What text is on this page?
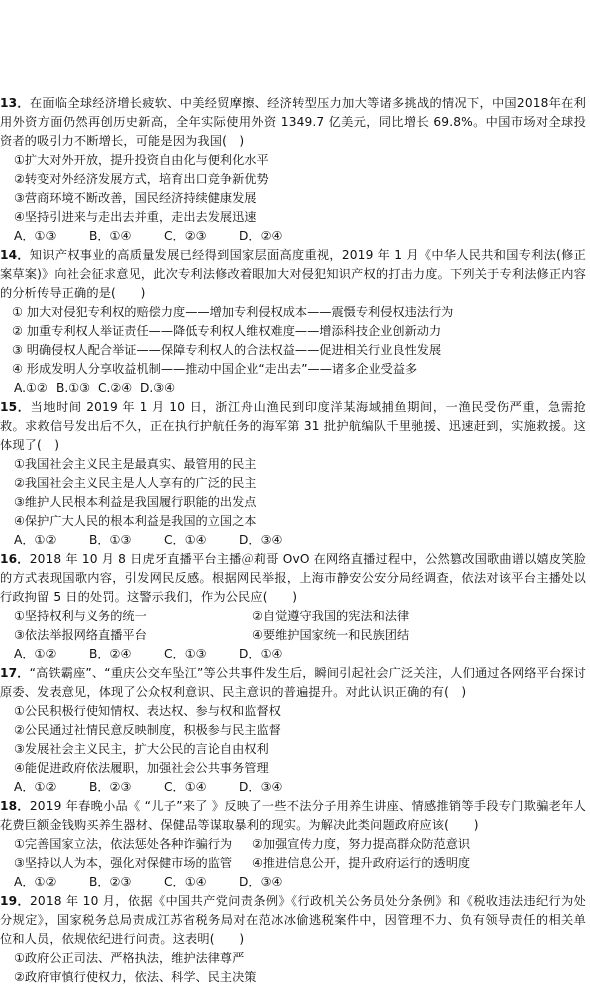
13．在面临全球经济增长疲软、中美经贸摩擦、经济转型压力加大等诸多挑战的情况下，中国2018年在利用外资方面仍然再创历史新高，全年实际使用外资 1349.7 亿美元，同比增长 69.8%。中国市场对全球投资者的吸引力不断增长，可能是因为我国(　)

①扩大对外开放，提升投资自由化与便利化水平
②转变对外经济发展方式，培育出口竞争新优势
③营商环境不断改善，国民经济持续健康发展
④坚持引进来与走出去并重，走出去发展迅速
A．①③	B．①④	C．②③	D．②④

14．知识产权事业的高质量发展已经得到国家层面高度重视，2019 年 1 月《中华人民共和国专利法(修正案草案)》向社会征求意见，此次专利法修改着眼加大对侵犯知识产权的打击力度。下列关于专利法修正内容的分析传导正确的是(　　)

① 加大对侵犯专利权的赔偿力度——增加专利侵权成本——震慑专利侵权违法行为
② 加重专利权人举证责任——降低专利权人维权难度——增添科技企业创新动力
③ 明确侵权人配合举证——保障专利权人的合法权益——促进相关行业良性发展
④ 形成发明人分享收益机制——推动中国企业“走出去”——诸多企业受益多
A.①② B.①③ C.②④ D.③④

15．当地时间 2019 年 1 月 10 日，浙江舟山渔民到印度洋某海域捕鱼期间，一渔民受伤严重，急需抢救。求救信号发出后不久，正在执行护航任务的海军第 31 批护航编队千里驰援、迅速赶到，实施救援。这体现了(　)

①我国社会主义民主是最真实、最管用的民主
②我国社会主义民主是人人享有的广泛的民主
③维护人民根本利益是我国履行职能的出发点
④保护广大人民的根本利益是我国的立国之本
A．①②	B．①③	C．①④	D．③④

16．2018 年 10 月 8 日虎牙直播平台主播＠莉哥 OvO 在网络直播过程中，公然篡改国歌曲谱以嬉皮笑脸的方式表现国歌内容，引发网民反感。根据网民举报，上海市静安公安分局经调查，依法对该平台主播处以行政拘留 5 日的处罚。这警示我们，作为公民应(　　)

①坚持权利与义务的统一	②自觉遵守我国的宪法和法律
③依法举报网络直播平台	④要维护国家统一和民族团结
A．①②	B．②④	C．①③	D．①④

17．“高铁霸座”、“重庆公交车坠江”等公共事件发生后，瞬间引起社会广泛关注，人们通过各网络平台探讨原委、发表意见，体现了公众权利意识、民主意识的普遍提升。对此认识正确的有(　)

①公民积极行使知情权、表达权、参与权和监督权
②公民通过社情民意反映制度，积极参与民主监督
③发展社会主义民主，扩大公民的言论自由权利
④能促进政府依法履职，加强社会公共事务管理
A．①②	B．②③	C．①④	D．③④

18．2019 年春晚小品《 “儿子”来了 》反映了一些不法分子用养生讲座、情感推销等手段专门欺骗老年人花费巨额金钱购买养生器材、保健品等谋取暴利的现实。为解决此类问题政府应该(　　)

①完善国家立法，依法惩处各种诈骗行为	②加强宣传力度，努力提高群众防范意识
③坚持以人为本，强化对保健市场的监管	④推进信息公开，提升政府运行的透明度
A．①②	B．②③	C．①④	D．③④

19．2018 年 10 月，依据《中国共产党问责条例》《行政机关公务员处分条例》和《税收违法违纪行为处分规定》，国家税务总局责成江苏省税务局对在范冰冰偷逃税案件中，因管理不力、负有领导责任的相关单位和人员，依规依纪进行问责。这表明(　　)

①政府公正司法、严格执法，维护法律尊严
②政府审慎行使权力，依法、科学、民主决策
